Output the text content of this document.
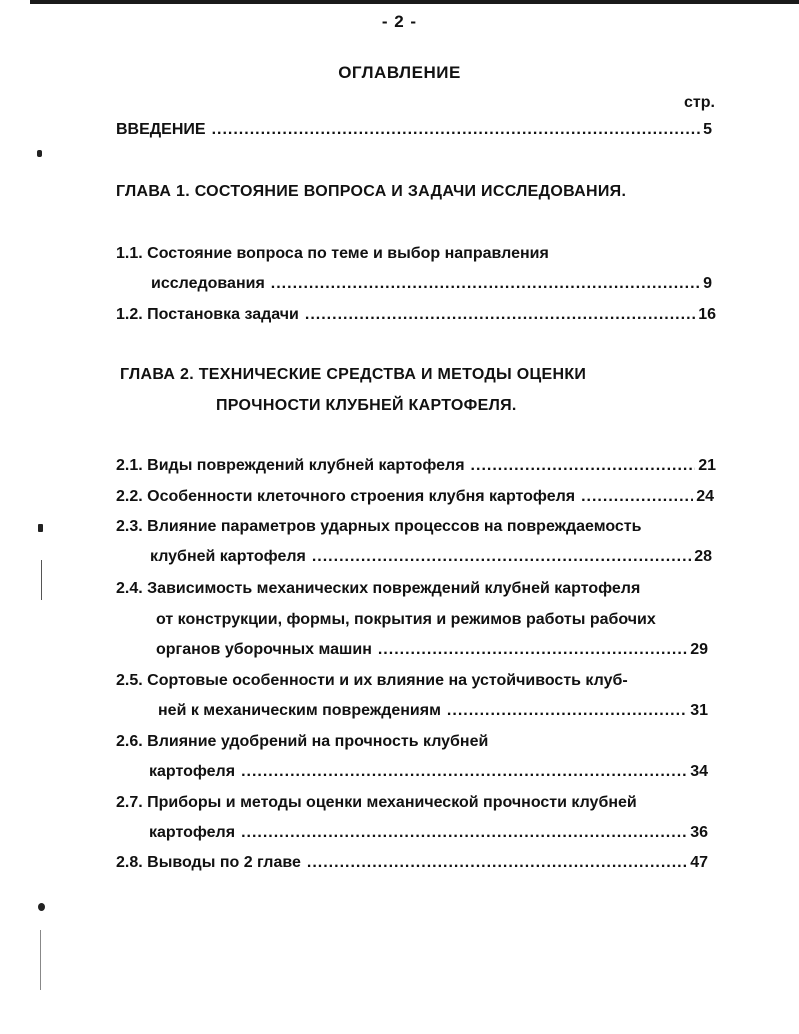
- 2 -
ОГЛАВЛЕНИЕ
стр.
ВВЕДЕНИЕ .....	5
ГЛАВА 1. СОСТОЯНИЕ ВОПРОСА И ЗАДАЧИ ИССЛЕДОВАНИЯ.
1.1. Состояние вопроса по теме и выбор направления
исследования .....	9
1.2. Постановка задачи .....	16
ГЛАВА 2. ТЕХНИЧЕСКИЕ СРЕДСТВА И МЕТОДЫ ОЦЕНКИ
ПРОЧНОСТИ КЛУБНЕЙ КАРТОФЕЛЯ.
2.1. Виды повреждений клубней картофеля .....	21
2.2. Особенности клеточного строения клубня картофеля .....	24
2.3. Влияние параметров ударных процессов на повреждаемость
клубней картофеля .....	28
2.4. Зависимость механических повреждений клубней картофеля
от конструкции, формы, покрытия и режимов работы рабочих
органов уборочных машин .....	29
2.5. Сортовые особенности и их влияние на устойчивость клуб-
ней к механическим повреждениям .....	31
2.6. Влияние удобрений на прочность клубней
картофеля .....	34
2.7. Приборы и методы оценки механической прочности клубней
картофеля .....	36
2.8. Выводы по 2 главе .....	47
